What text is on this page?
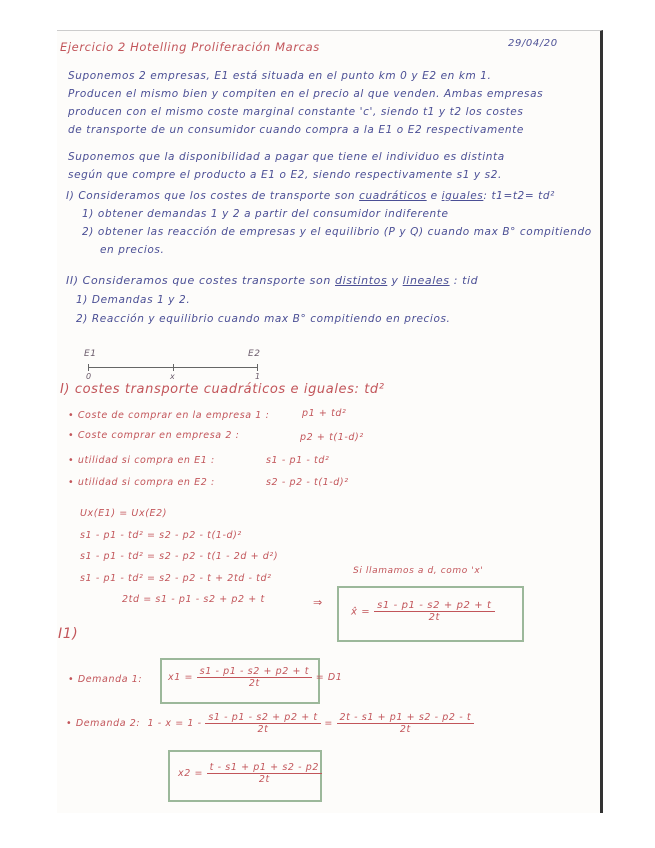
Ejercicio 2 Hotelling Proliferación Marcas	29/04/20
Suponemos 2 empresas, E1 está situada en el punto km 0 y E2 en km 1.
Producen el mismo bien y compiten en el precio al que venden. Ambas empresas
producen con el mismo coste marginal constante 'c', siendo t1 y t2 los costes
de transporte de un consumidor cuando compra a la E1 o E2 respectivamente
Suponemos que la disponibilidad a pagar que tiene el individuo es distinta
según que compre el producto a E1 o E2, siendo respectivamente s1 y s2.
I) Consideramos que los costes de transporte son cuadráticos e iguales: t1=t2= td²
1) obtener demandas 1 y 2 a partir del consumidor indiferente
2) obtener las reacción de empresas y el equilibrio (P y Q) cuando max B° compitiendo
en precios.
II) Consideramos que costes transporte son distintos y lineales : tid
1) Demandas 1 y 2.
2) Reacción y equilibrio cuando max B° compitiendo en precios.
E1	E2
0	x	1
I) costes transporte cuadráticos e iguales: td²
• Coste de comprar en la empresa 1 :	p1 + td²
• Coste comprar en empresa 2 :	p2 + t(1-d)²
• utilidad si compra en E1 :	s1 - p1 - td²
• utilidad si compra en E2 :	s2 - p2 - t(1-d)²
Ux(E1) = Ux(E2)
s1 - p1 - td² = s2 - p2 - t(1-d)²
s1 - p1 - td² = s2 - p2 - t(1 - 2d + d²)
s1 - p1 - td² = s2 - p2 - t + 2td - td²
2td = s1 - p1 - s2 + p2 + t
Si llamamos a d, como 'x'
⇒
x̂ = $\frac{s1 - p1 - s2 + p2 + t}{2t}$
I1)
• Demanda 1:	$x1 = \frac{s1 - p1 - s2 + p2 + t}{2t} = D1$
• Demanda 2: $1 - x = 1 - \frac{s1 - p1 - s2 + p2 + t}{2t} = \frac{2t - s1 + p1 + s2 - p2 - t}{2t}$
$x2 = \frac{t - s1 + p1 + s2 - p2}{2t}$
